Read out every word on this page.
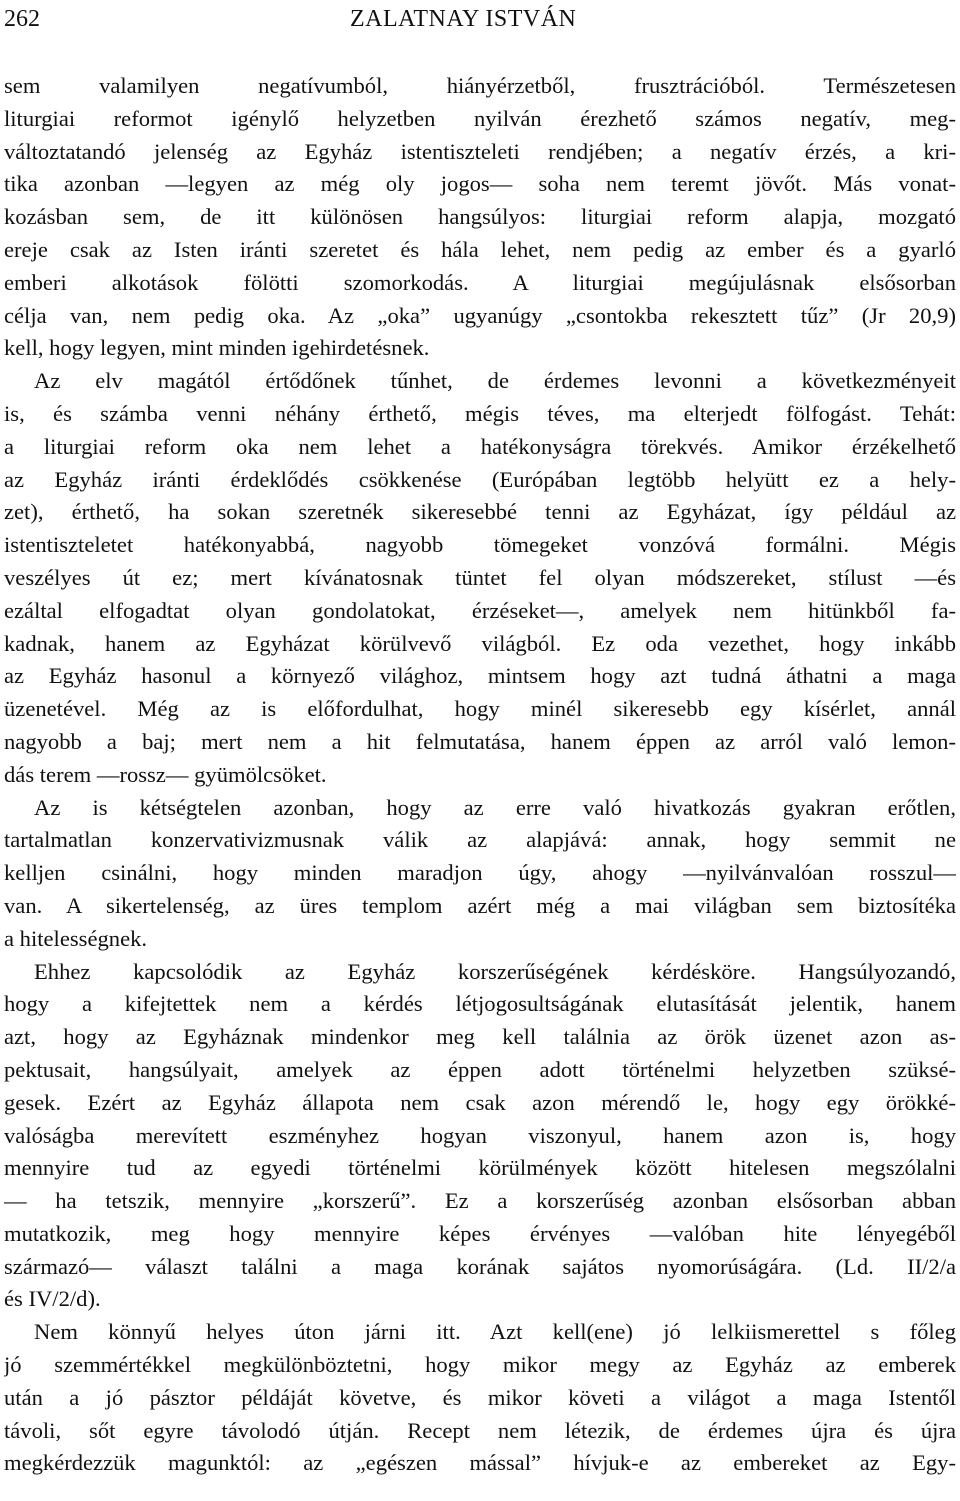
262	ZALATNAY ISTVÁN
sem valamilyen negatívumból, hiányérzetből, frusztrációból. Természetesen
liturgiai reformot igénylő helyzetben nyilván érezhető számos negatív, meg-
változtatandó jelenség az Egyház istentiszteleti rendjében; a negatív érzés, a kri-
tika azonban —legyen az még oly jogos— soha nem teremt jövőt. Más vonat-
kozásban sem, de itt különösen hangsúlyos: liturgiai reform alapja, mozgató
ereje csak az Isten iránti szeretet és hála lehet, nem pedig az ember és a gyarló
emberi alkotások fölötti szomorkodás. A liturgiai megújulásnak elsősorban
célja van, nem pedig oka. Az „oka” ugyanúgy „csontokba rekesztett tűz” (Jr 20,9)
kell, hogy legyen, mint minden igehirdetésnek.
Az elv magától értődőnek tűnhet, de érdemes levonni a következményeit
is, és számba venni néhány érthető, mégis téves, ma elterjedt fölfogást. Tehát:
a liturgiai reform oka nem lehet a hatékonyságra törekvés. Amikor érzékelhető
az Egyház iránti érdeklődés csökkenése (Európában legtöbb helyütt ez a hely-
zet), érthető, ha sokan szeretnék sikeresebbé tenni az Egyházat, így például az
istentiszteletet hatékonyabbá, nagyobb tömegeket vonzóvá formálni. Mégis
veszélyes út ez; mert kívánatosnak tüntet fel olyan módszereket, stílust —és
ezáltal elfogadtat olyan gondolatokat, érzéseket—, amelyek nem hitünkből fa-
kadnak, hanem az Egyházat körülvevő világból. Ez oda vezethet, hogy inkább
az Egyház hasonul a környező világhoz, mintsem hogy azt tudná áthatni a maga
üzenetével. Még az is előfordulhat, hogy minél sikeresebb egy kísérlet, annál
nagyobb a baj; mert nem a hit felmutatása, hanem éppen az arról való lemon-
dás terem —rossz— gyümölcsöket.
Az is kétségtelen azonban, hogy az erre való hivatkozás gyakran erőtlen,
tartalmatlan konzervativizmusnak válik az alapjává: annak, hogy semmit ne
kelljen csinálni, hogy minden maradjon úgy, ahogy —nyilvánvalóan rosszul—
van. A sikertelenség, az üres templom azért még a mai világban sem biztosítéka
a hitelességnek.
Ehhez kapcsolódik az Egyház korszerűségének kérdésköre. Hangsúlyozandó,
hogy a kifejtettek nem a kérdés létjogosultságának elutasítását jelentik, hanem
azt, hogy az Egyháznak mindenkor meg kell találnia az örök üzenet azon as-
pektusait, hangsúlyait, amelyek az éppen adott történelmi helyzetben szüksé-
gesek. Ezért az Egyház állapota nem csak azon mérendő le, hogy egy örökké-
valóságba merevített eszményhez hogyan viszonyul, hanem azon is, hogy
mennyire tud az egyedi történelmi körülmények között hitelesen megszólalni
— ha tetszik, mennyire „korszerű”. Ez a korszerűség azonban elsősorban abban
mutatkozik, meg hogy mennyire képes érvényes —valóban hite lényegéből
származó— választ találni a maga korának sajátos nyomorúságára. (Ld. II/2/a
és IV/2/d).
Nem könnyű helyes úton járni itt. Azt kell(ene) jó lelkiismerettel s főleg
jó szemmértékkel megkülönböztetni, hogy mikor megy az Egyház az emberek
után a jó pásztor példáját követve, és mikor követi a világot a maga Istentől
távoli, sőt egyre távolodó útján. Recept nem létezik, de érdemes újra és újra
megkérdezzük magunktól: az „egészen mással” hívjuk-e az embereket az Egy-
